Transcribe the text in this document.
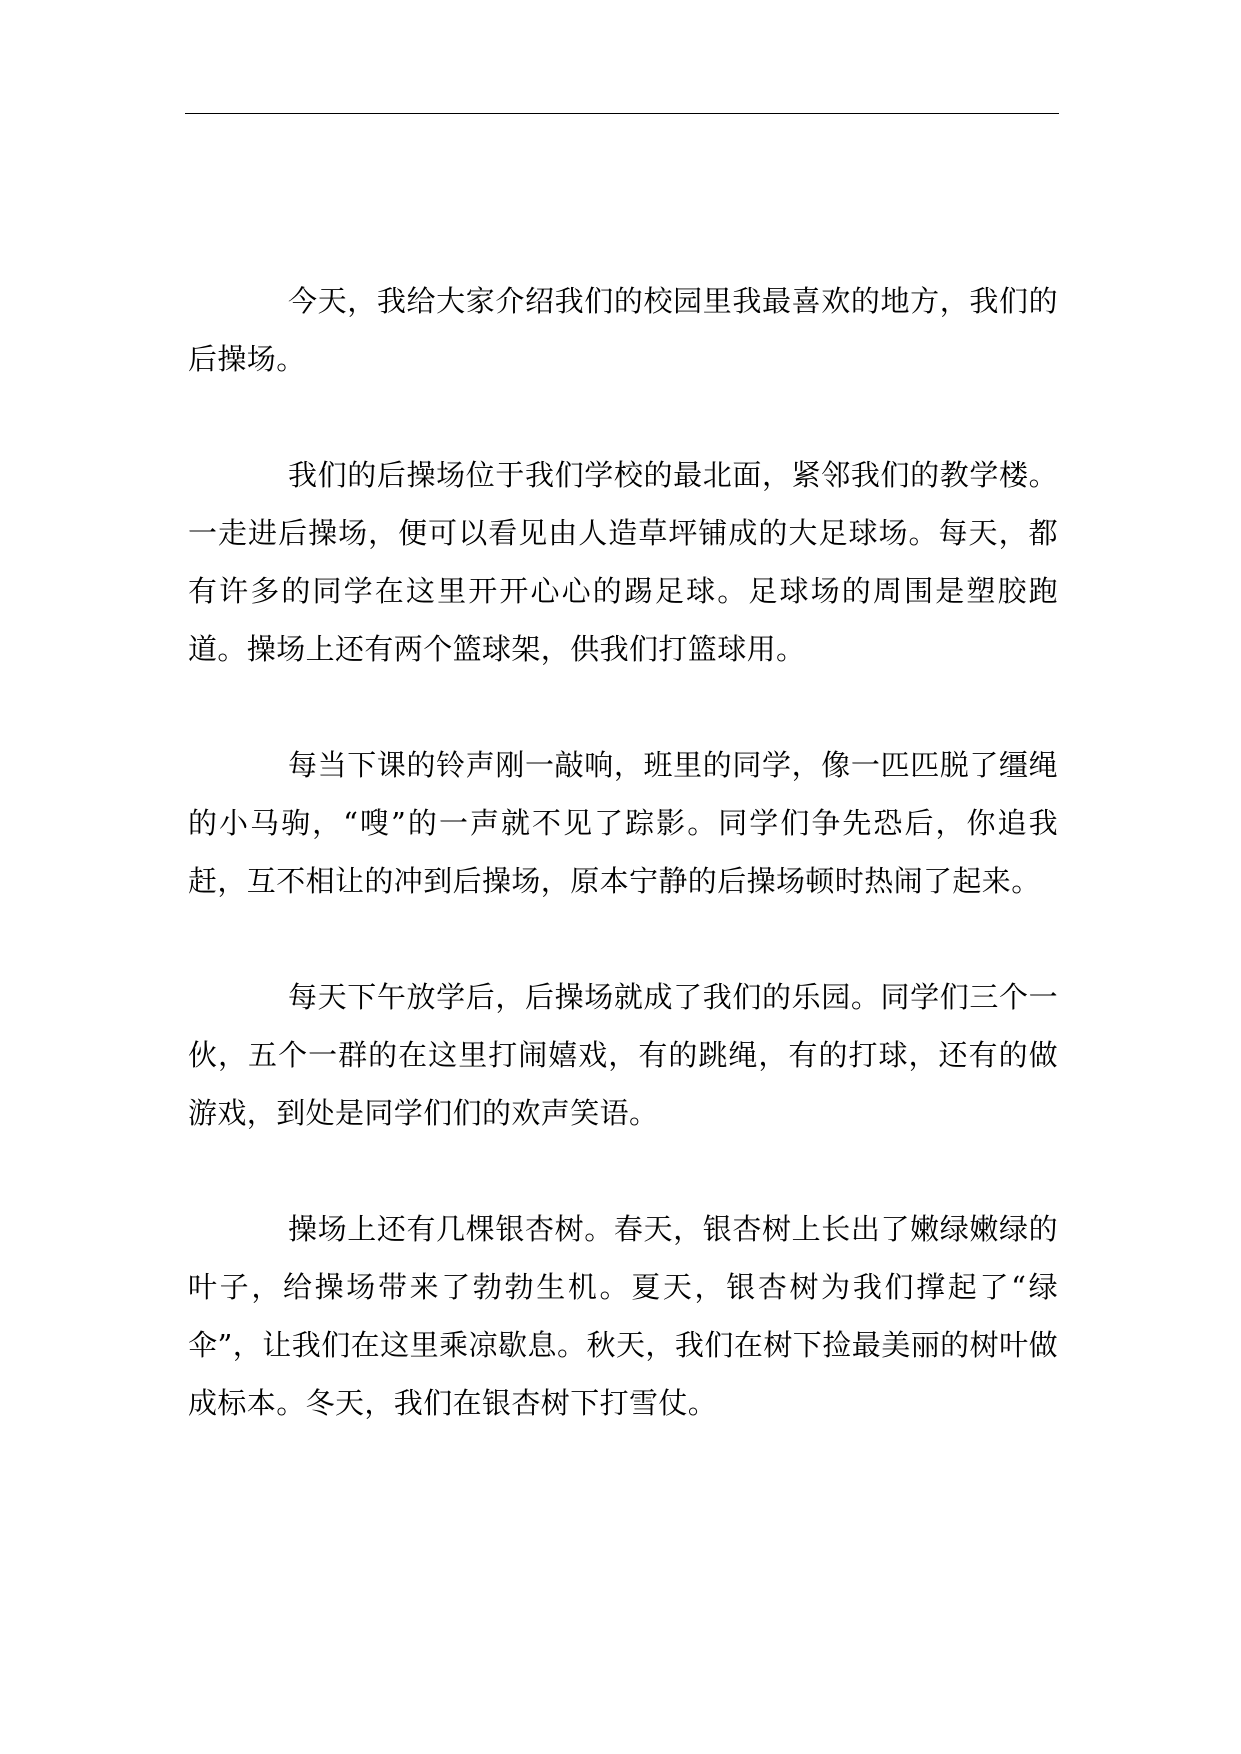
今天，我给大家介绍我们的校园里我最喜欢的地方，我们的后操场。

我们的后操场位于我们学校的最北面，紧邻我们的教学楼。一走进后操场，便可以看见由人造草坪铺成的大足球场。每天，都有许多的同学在这里开开心心的踢足球。足球场的周围是塑胶跑道。操场上还有两个篮球架，供我们打篮球用。

每当下课的铃声刚一敲响，班里的同学，像一匹匹脱了缰绳的小马驹，“嗖”的一声就不见了踪影。同学们争先恐后，你追我赶，互不相让的冲到后操场，原本宁静的后操场顿时热闹了起来。

每天下午放学后，后操场就成了我们的乐园。同学们三个一伙，五个一群的在这里打闹嬉戏，有的跳绳，有的打球，还有的做游戏，到处是同学们们的欢声笑语。

操场上还有几棵银杏树。春天，银杏树上长出了嫩绿嫩绿的叶子，给操场带来了勃勃生机。夏天，银杏树为我们撑起了“绿伞”，让我们在这里乘凉歇息。秋天，我们在树下捡最美丽的树叶做成标本。冬天，我们在银杏树下打雪仗。
